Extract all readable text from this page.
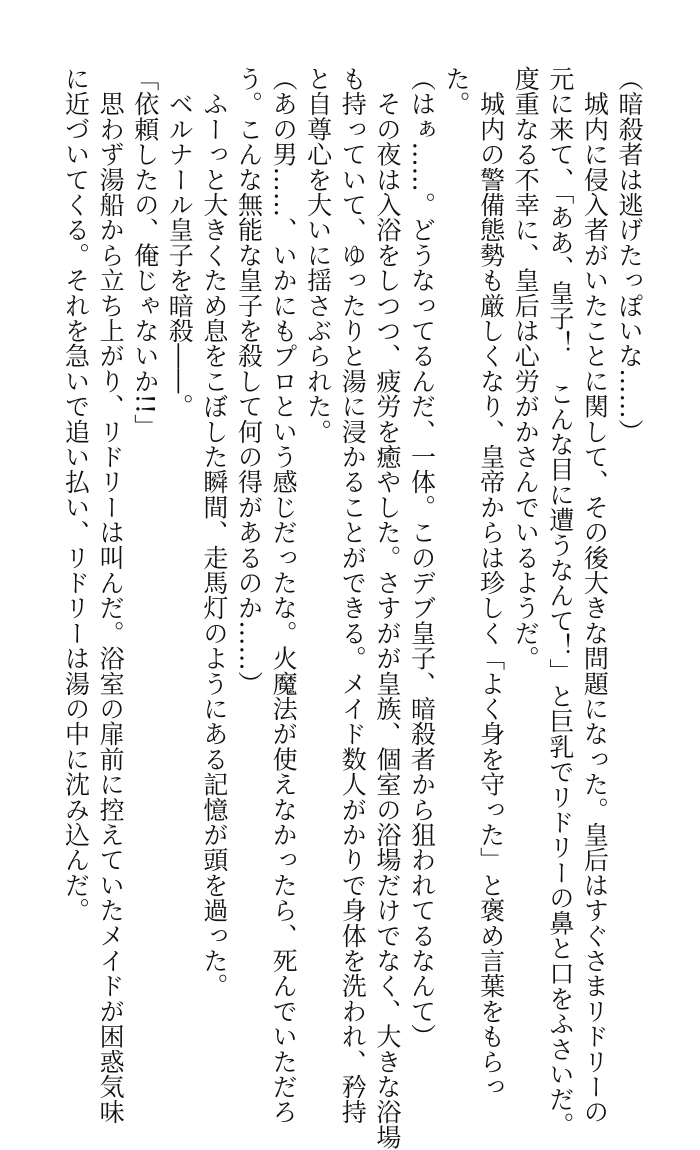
（暗殺者は逃げたっぽいな……）
　城内に侵入者がいたことに関して、その後大きな問題になった。皇后はすぐさまリドリーの
元に来て、「ああ、皇子！　こんな目に遭うなんて！」と巨乳でリドリーの鼻と口をふさいだ。
度重なる不幸に、皇后は心労がかさんでいるようだ。
　城内の警備態勢も厳しくなり、皇帝からは珍しく「よく身を守った」と褒め言葉をもらっ
た。
（はぁ……。どうなってるんだ、一体。このデブ皇子、暗殺者から狙われてるなんて）
　その夜は入浴をしつつ、疲労を癒やした。さすがが皇族、個室の浴場だけでなく、大きな浴場
も持っていて、ゆったりと湯に浸かることができる。メイド数人がかりで身体を洗われ、矜持
と自尊心を大いに揺さぶられた。
（あの男……、いかにもプロという感じだったな。火魔法が使えなかったら、死んでいただろ
う。こんな無能な皇子を殺して何の得があるのか……）
　ふーっと大きくため息をこぼした瞬間、走馬灯のようにある記憶が頭を過った。
　ベルナール皇子を暗殺――。
「依頼したの、俺じゃないか!!」
　思わず湯船から立ち上がり、リドリーは叫んだ。浴室の扉前に控えていたメイドが困惑気味
に近づいてくる。それを急いで追い払い、リドリーは湯の中に沈み込んだ。
